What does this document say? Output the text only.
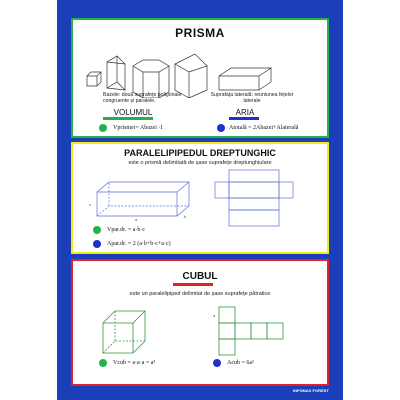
PRISMA
Bazele: două suprafețe poligonale congruente și paralele.
Suprafața laterală: reuniunea fețelor laterale
VOLUMUL	ARIA
Vprismei= Abazei ·I	Atotală = 2Abazei+Alaterală
PARALELIPIPEDUL DREPTUNGHIC
este o prismă delimitată de șase suprafețe dreptunghiulare
c
a
b
Vpar.dr. = a·b·c
Apar.dr. = 2 (a·b+b·c+a·c)
CUBUL
este un paralelipiped delimitat de șase suprafețe pătratice
a
Vcub = a·a·a = a³	Acub = 6a²
INFOMAX FOREST
